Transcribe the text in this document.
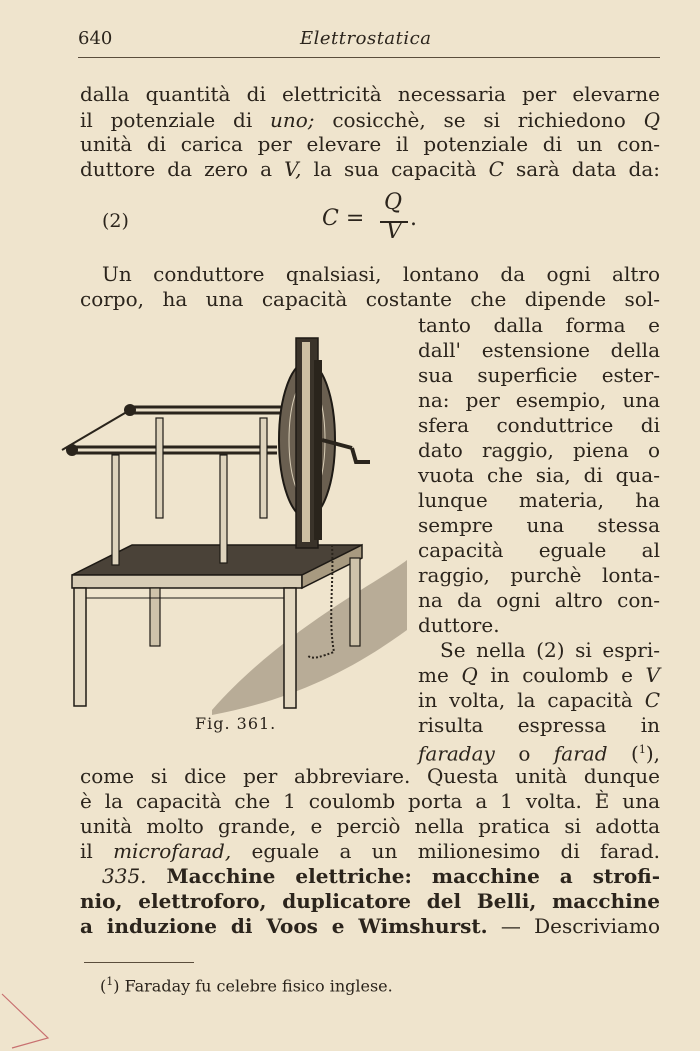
640	Elettrostatica
dalla quantità di elettricità necessaria per elevarne
il potenziale di uno; cosicchè, se si richiedono Q
unità di carica per elevare il potenziale di un con-
duttore da zero a V, la sua capacità C sarà data da:
(2)	C =
Q
V
.
Un conduttore qnalsiasi, lontano da ogni altro
corpo, ha una capacità costante che dipende sol-
tanto dalla forma e
dall' estensione della
sua superficie ester-
na: per esempio, una
sfera conduttrice di
dato raggio, piena o
vuota che sia, di qua-
lunque materia, ha
sempre una stessa
capacità eguale al
raggio, purchè lonta-
na da ogni altro con-
duttore.
Se nella (2) si espri-
me Q in coulomb e V
in volta, la capacità C
risulta espressa in
faraday o farad ($^1$),
come si dice per abbreviare. Questa unità dunque
è la capacità che 1 coulomb porta a 1 volta. È una
unità molto grande, e perciò nella pratica si adotta
il microfarad, eguale a un milionesimo di farad.
335. Macchine elettriche: macchine a strofi-
nio, elettroforo, duplicatore del Belli, macchine
a induzione di Voos e Wimshurst. — Descriviamo
Fig. 361.
($^1$) Faraday fu celebre fisico inglese.
